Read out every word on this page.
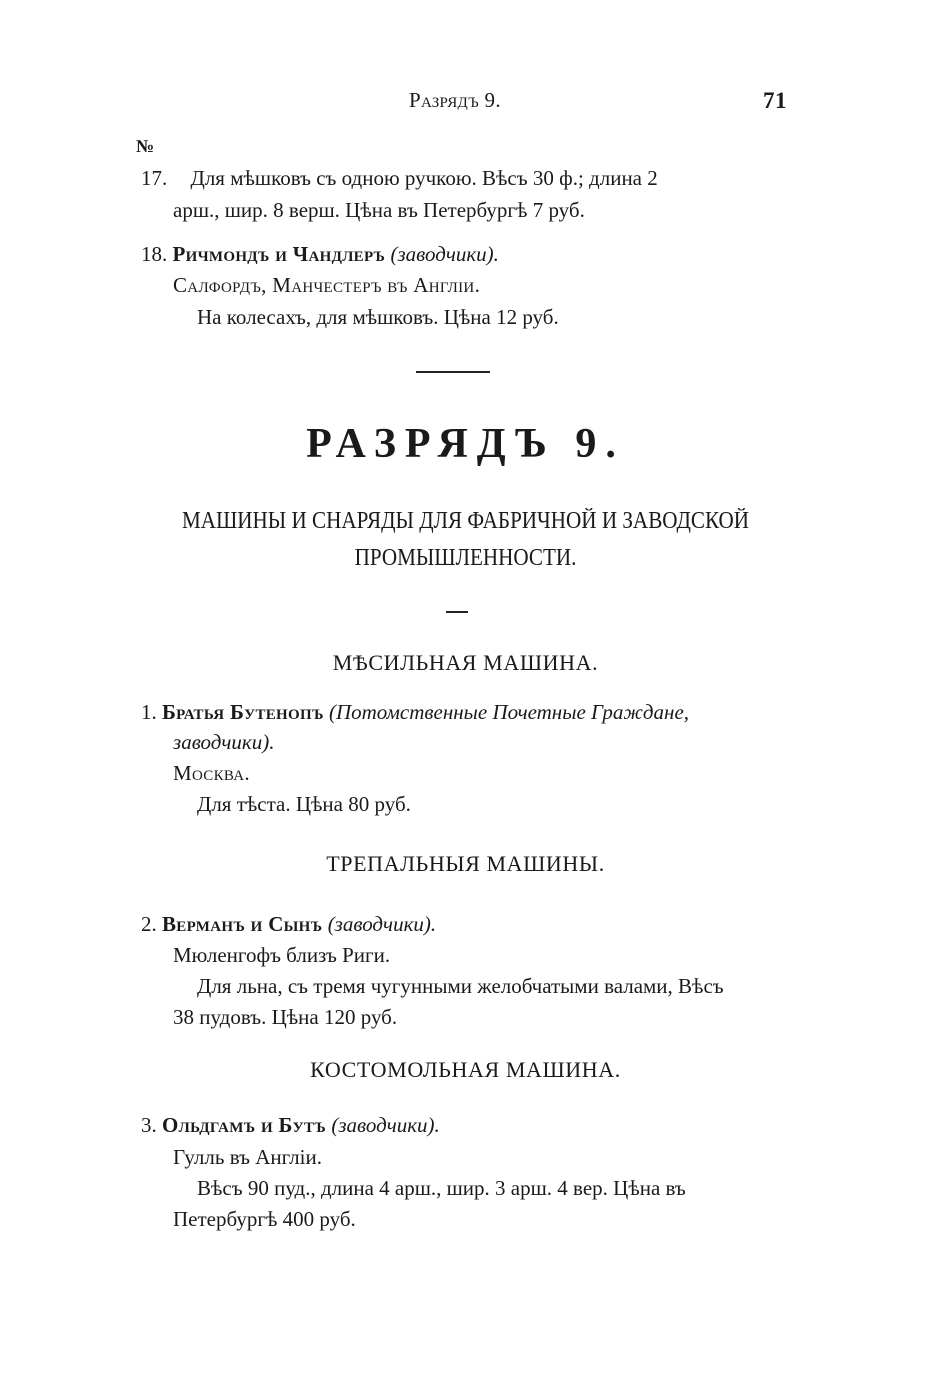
Разрядъ 9.	71
№
17. Для мѣшковъ съ одною ручкою. Вѣсъ 30 ф.; длина 2
арш., шир. 8 верш. Цѣна въ Петербургѣ 7 руб.
18. Ричмондъ и Чандлеръ (заводчики).
Салфордъ, Манчестеръ въ Англіи.
На колесахъ, для мѣшковъ. Цѣна 12 руб.
РАЗРЯДЪ 9.
МАШИНЫ И СНАРЯДЫ ДЛЯ ФАБРИЧНОЙ И ЗАВОДСКОЙ
ПРОМЫШЛЕННОСТИ.
МѢСИЛЬНАЯ МАШИНА.
1. Братья Бутенопъ (Потомственные Почетные Граждане,
заводчики).
Москва.
Для тѣста. Цѣна 80 руб.
ТРЕПАЛЬНЫЯ МАШИНЫ.
2. Верманъ и Сынъ (заводчики).
Мюленгофъ близъ Риги.
Для льна, съ тремя чугунными желобчатыми валами, Вѣсъ
38 пудовъ. Цѣна 120 руб.
КОСТОМОЛЬНАЯ МАШИНА.
3. Ольдгамъ и Бутъ (заводчики).
Гулль въ Англіи.
Вѣсъ 90 пуд., длина 4 арш., шир. 3 арш. 4 вер. Цѣна въ
Петербургѣ 400 руб.
